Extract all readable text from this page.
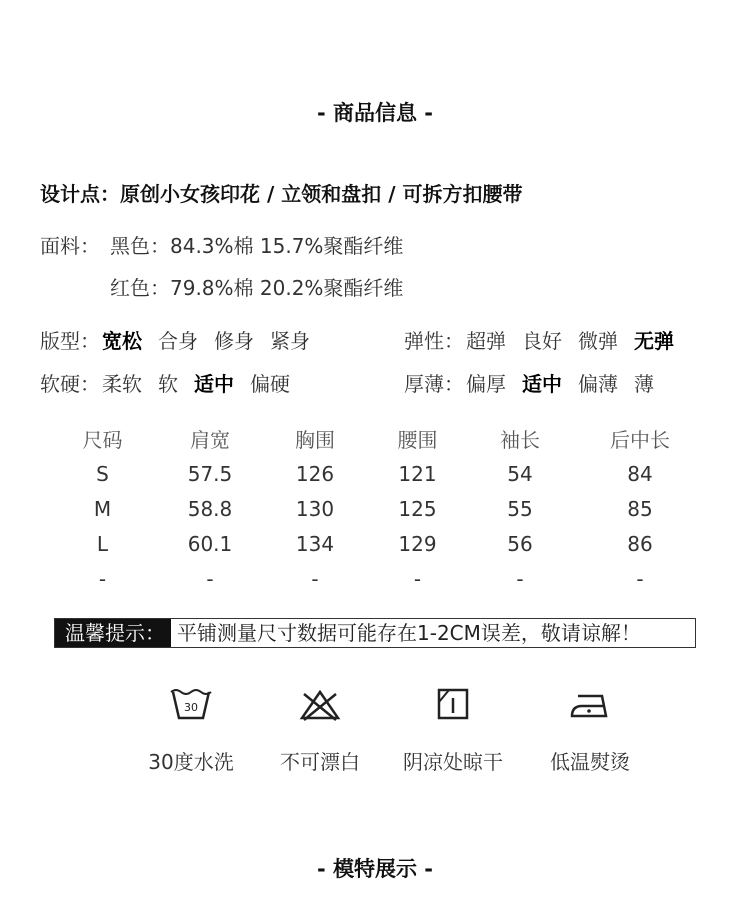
- 商品信息 -
设计点：原创小女孩印花 / 立领和盘扣 / 可拆方扣腰带
面料： 黑色：84.3%棉 15.7%聚酯纤维
红色：79.8%棉 20.2%聚酯纤维
版型： 宽松 合身 修身 紧身	弹性： 超弹 良好 微弹 无弹
软硬： 柔软 软 适中 偏硬	厚薄： 偏厚 适中 偏薄 薄
尺码	肩宽	胸围	腰围	袖长	后中长
S	57.5	126	121	54	84
M	58.8	130	125	55	85
L	60.1	134	129	56	86
-	-	-	-	-	-
温馨提示： 平铺测量尺寸数据可能存在1-2CM误差，敬请谅解！
30
30度水洗	不可漂白	阴凉处晾干	低温熨烫
- 模特展示 -
